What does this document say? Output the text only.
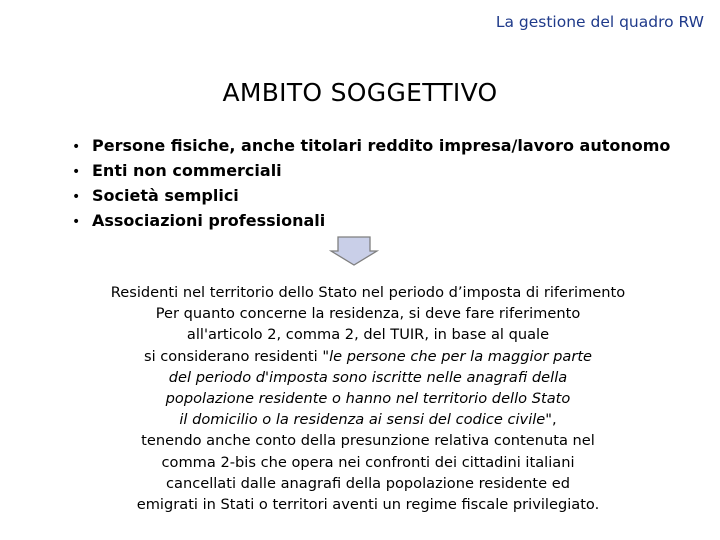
La gestione del quadro RW
AMBITO SOGGETTIVO
• Persone fisiche, anche titolari reddito impresa/lavoro autonomo
• Enti non commerciali
• Società semplici
• Associazioni professionali
Residenti nel territorio dello Stato nel periodo d’imposta di riferimento
Per quanto concerne la residenza, si deve fare riferimento
all'articolo 2, comma 2, del TUIR, in base al quale
si considerano residenti "le persone che per la maggior parte
del periodo d'imposta sono iscritte nelle anagrafi della
popolazione residente o hanno nel territorio dello Stato
il domicilio o la residenza ai sensi del codice civile",
tenendo anche conto della presunzione relativa contenuta nel
comma 2-bis che opera nei confronti dei cittadini italiani
cancellati dalle anagrafi della popolazione residente ed
emigrati in Stati o territori aventi un regime fiscale privilegiato.
